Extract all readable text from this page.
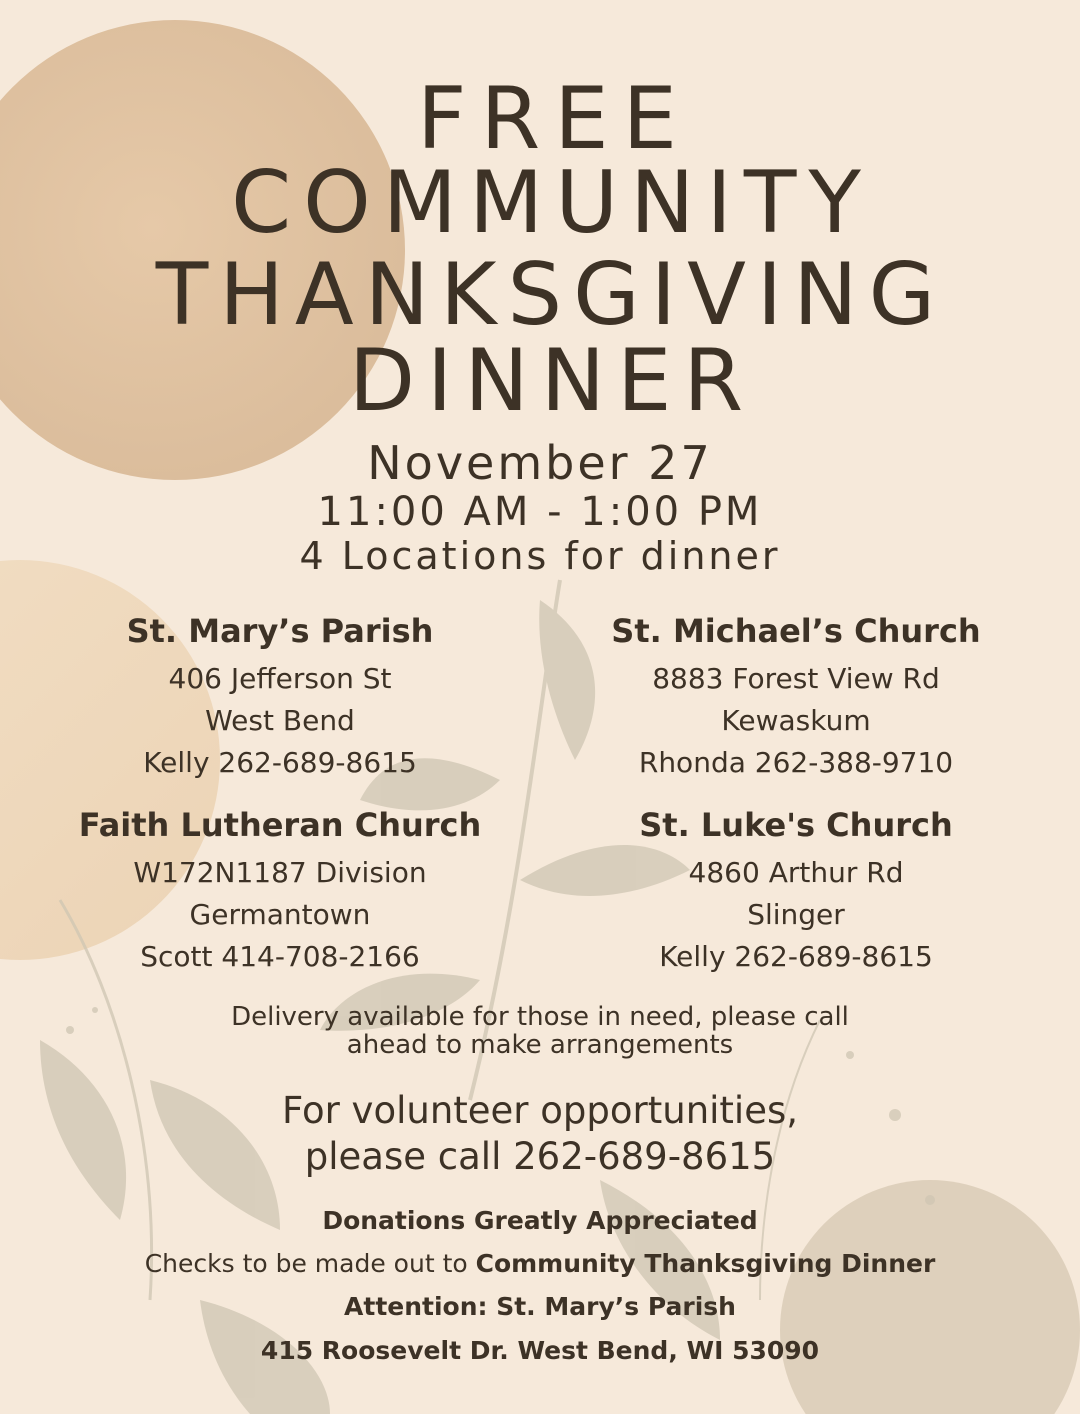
FREE
COMMUNITY
THANKSGIVING
DINNER
November 27
11:00 AM - 1:00 PM
4 Locations for dinner
St. Mary’s Parish
406 Jefferson St
West Bend
Kelly 262-689-8615
St. Michael’s Church
8883 Forest View Rd
Kewaskum
Rhonda 262-388-9710
Faith Lutheran Church
W172N1187 Division
Germantown
Scott 414-708-2166
St. Luke's Church
4860 Arthur Rd
Slinger
Kelly 262-689-8615
Delivery available for those in need, please call
ahead to make arrangements
For volunteer opportunities,
please call 262-689-8615
Donations Greatly Appreciated
Checks to be made out to Community Thanksgiving Dinner
Attention: St. Mary’s Parish
415 Roosevelt Dr. West Bend, WI 53090
